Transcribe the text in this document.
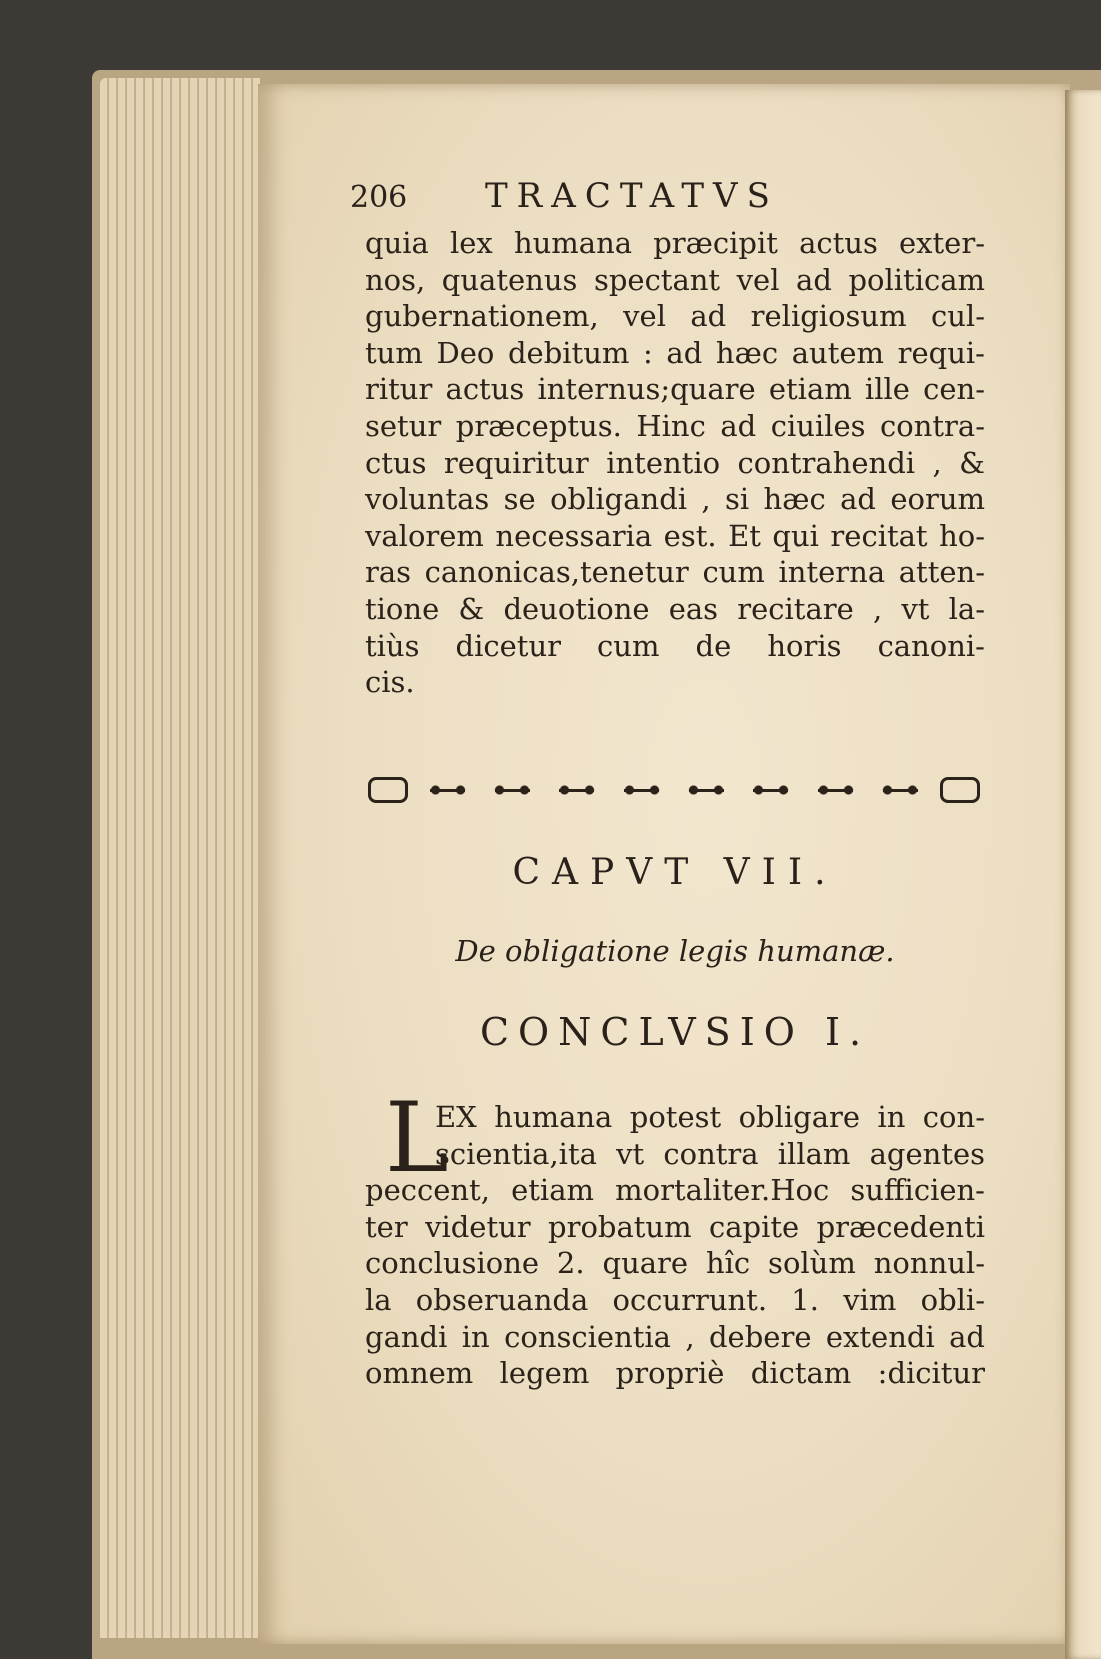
206 TRACTATVS
quia lex humana præcipit actus exter-
nos, quatenus spectant vel ad politicam
gubernationem, vel ad religiosum cul-
tum Deo debitum : ad hæc autem requi-
ritur actus internus;quare etiam ille cen-
setur præceptus. Hinc ad ciuiles contra-
ctus requiritur intentio contrahendi , &
voluntas se obligandi , si hæc ad eorum
valorem necessaria est. Et qui recitat ho-
ras canonicas,tenetur cum interna atten-
tione & deuotione eas recitare , vt la-
tiùs dicetur cum de horis canoni-
cis.
CAPVT VII.
De obligatione legis humanæ.
CONCLVSIO I.
L
EX humana potest obligare in con-
scientia,ita vt contra illam agentes
peccent, etiam mortaliter.Hoc sufficien-
ter videtur probatum capite præcedenti
conclusione 2. quare hîc solùm nonnul-
la obseruanda occurrunt. 1. vim obli-
gandi in conscientia , debere extendi ad
omnem legem propriè dictam :dicitur
